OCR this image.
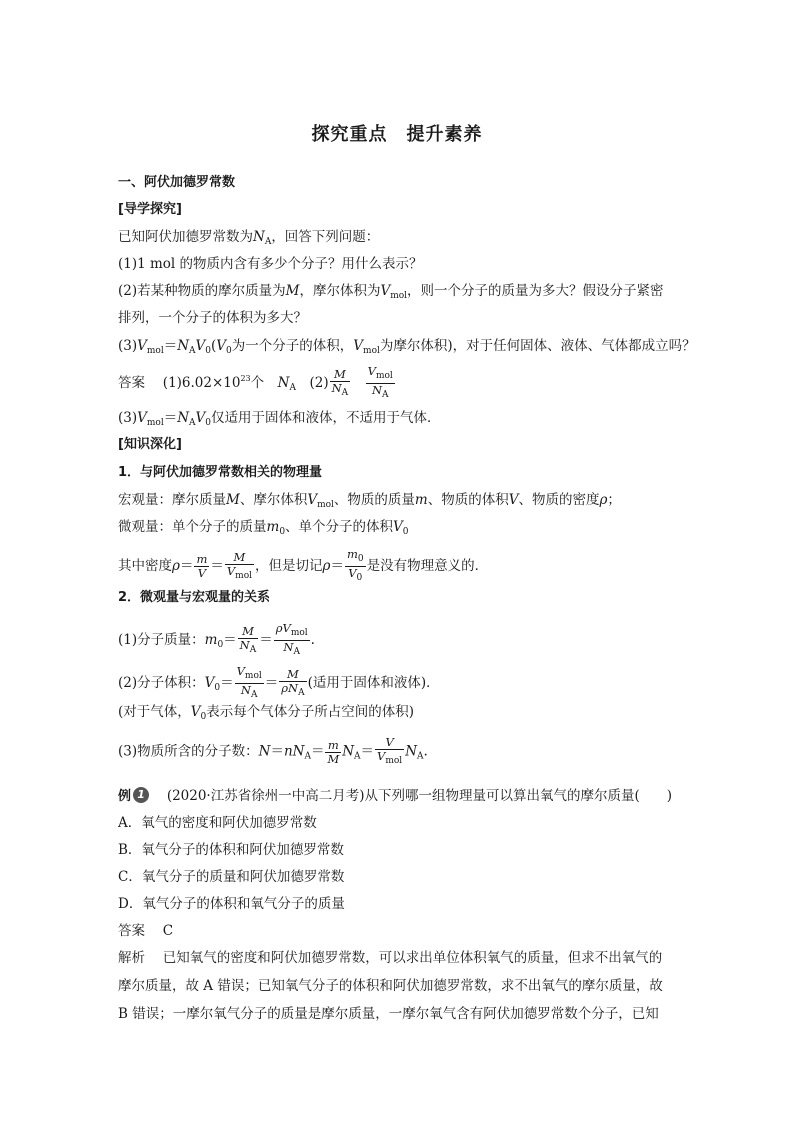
探究重点　提升素养
一、阿伏加德罗常数
[导学探究]
已知阿伏加德罗常数为$N_A$，回答下列问题：
(1)1 mol 的物质内含有多少个分子？用什么表示？
(2)若某种物质的摩尔质量为M，摩尔体积为$V_{mol}$，则一个分子的质量为多大？假设分子紧密
排列，一个分子的体积为多大？
$(3)V_{mol}=N_AV_0(V_0$为一个分子的体积，$V_{mol}$为摩尔体积)，对于任何固体、液体、气体都成立吗？
答案　 $(1)6.02\times 10^{23}$个　 $N_A$　$(2) \frac{M}{N_A}$
　 $\frac{V_{mol}}{N_A}$
$(3)V_{mol}=N_AV_0$仅适用于固体和液体，不适用于气体．
[知识深化]
1．与阿伏加德罗常数相关的物理量
宏观量：摩尔质量M、摩尔体积$V_{mol}$、物质的质量m、物质的体积V、物质的密度ρ；
微观量：单个分子的质量$m_0$、单个分子的体积$V_0$
其中密度$\rho= \frac{m}{V} = \frac{M}{V_{mol}}$ ，但是切记$\rho= \frac{m_0}{V_0}$ 是没有物理意义的．
2．微观量与宏观量的关系
(1)分子质量：$m_0= \frac{M}{N_A} = \frac{\rho V_{mol}}{N_A}$ .
(2)分子体积：$V_0= \frac{V_{mol}}{N_A} = \frac{M}{\rho N_A}$ (适用于固体和液体)．
(对于气体，$V_0$表示每个气体分子所占空间的体积)
(3)物质所含的分子数：$N=nN_A= \frac{m}{M} N_A= \frac{V}{V_{mol}} N_A$.
例 1　 (2020·江苏省徐州一中高二月考)从下列哪一组物理量可以算出氧气的摩尔质量(　　)
A．氧气的密度和阿伏加德罗常数
B．氧气分子的体积和阿伏加德罗常数
C．氧气分子的质量和阿伏加德罗常数
D．氧气分子的体积和氧气分子的质量
答案　 C
解析　 已知氧气的密度和阿伏加德罗常数，可以求出单位体积氧气的质量，但求不出氧气的
摩尔质量，故 A 错误；已知氧气分子的体积和阿伏加德罗常数，求不出氧气的摩尔质量，故
B 错误；一摩尔氧气分子的质量是摩尔质量，一摩尔氧气含有阿伏加德罗常数个分子，已知
